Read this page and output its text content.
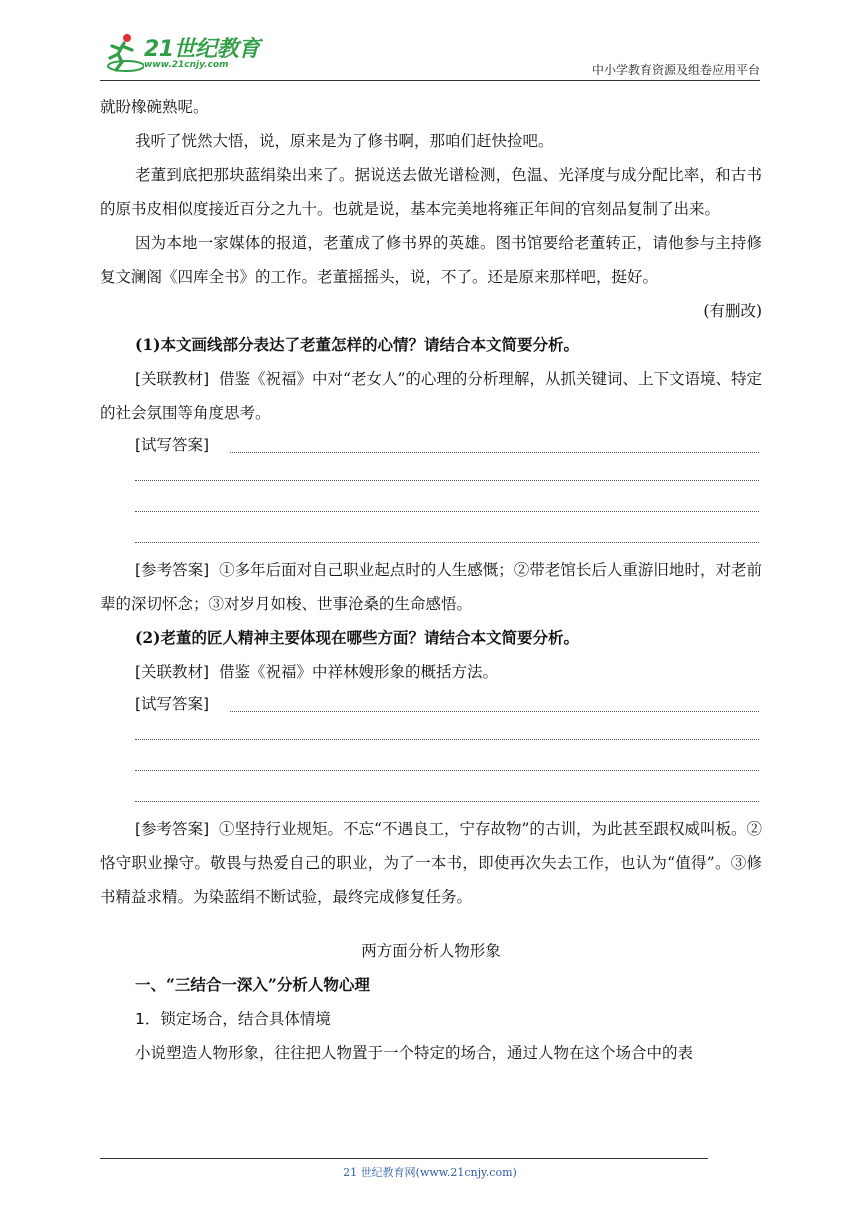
21世纪教育
www.21cnjy.com	中小学教育资源及组卷应用平台

就盼橡碗熟呢。

我听了恍然大悟，说，原来是为了修书啊，那咱们赶快捡吧。

老董到底把那块蓝绢染出来了。据说送去做光谱检测，色温、光泽度与成分配比率，和古书的原书皮相似度接近百分之九十。也就是说，基本完美地将雍正年间的官刻品复制了出来。

因为本地一家媒体的报道，老董成了修书界的英雄。图书馆要给老董转正，请他参与主持修复文澜阁《四库全书》的工作。老董摇摇头，说，不了。还是原来那样吧，挺好。

(有删改)

(1)本文画线部分表达了老董怎样的心情？请结合本文简要分析。

[关联教材] 借鉴《祝福》中对“老女人”的心理的分析理解，从抓关键词、上下文语境、特定的社会氛围等角度思考。

[试写答案]

[参考答案] ①多年后面对自己职业起点时的人生感慨；②带老馆长后人重游旧地时，对老前辈的深切怀念；③对岁月如梭、世事沧桑的生命感悟。

(2)老董的匠人精神主要体现在哪些方面？请结合本文简要分析。

[关联教材] 借鉴《祝福》中祥林嫂形象的概括方法。

[试写答案]

[参考答案] ①坚持行业规矩。不忘“不遇良工，宁存故物”的古训，为此甚至跟权威叫板。②恪守职业操守。敬畏与热爱自己的职业，为了一本书，即使再次失去工作，也认为“值得”。③修书精益求精。为染蓝绢不断试验，最终完成修复任务。

两方面分析人物形象

一、“三结合一深入”分析人物心理

1．锁定场合，结合具体情境

小说塑造人物形象，往往把人物置于一个特定的场合，通过人物在这个场合中的表

21 世纪教育网(www.21cnjy.com)
